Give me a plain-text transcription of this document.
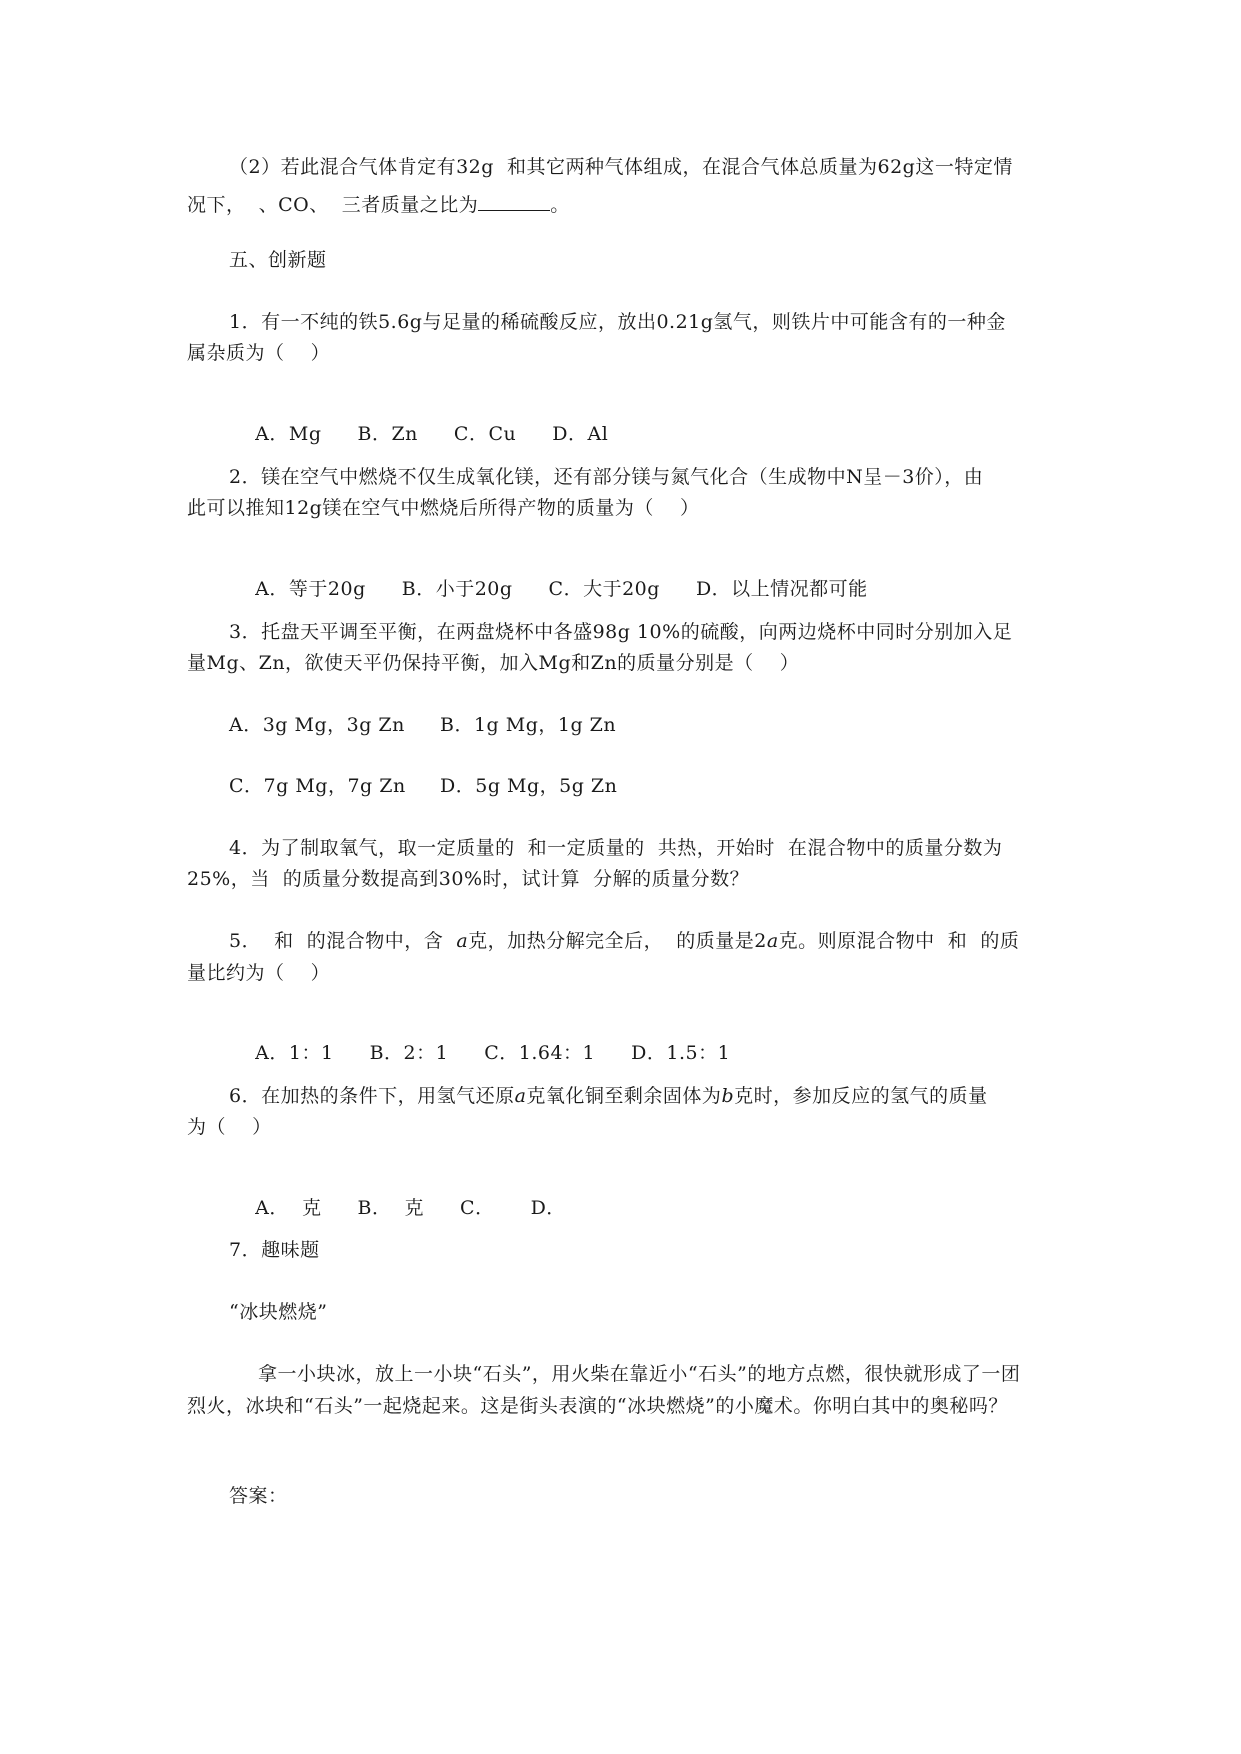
（2）若此混合气体肯定有32g  和其它两种气体组成，在混合气体总质量为62g这一特定情
况下，  、CO、  三者质量之比为	。
五、创新题
1．有一不纯的铁5.6g与足量的稀硫酸反应，放出0.21g氢气，则铁片中可能含有的一种金
属杂质为（    ）

A．Mg B．Zn C．Cu D．Al

2．镁在空气中燃烧不仅生成氧化镁，还有部分镁与氮气化合（生成物中N呈－3价），由
此可以推知12g镁在空气中燃烧后所得产物的质量为（    ）

A．等于20g B．小于20g C．大于20g D．以上情况都可能

3．托盘天平调至平衡，在两盘烧杯中各盛98g 10%的硫酸，向两边烧杯中同时分别加入足
量Mg、Zn，欲使天平仍保持平衡，加入Mg和Zn的质量分别是（    ）
A．3g Mg，3g Zn B．1g Mg，1g Zn
C．7g Mg，7g Zn D．5g Mg，5g Zn
4．为了制取氧气，取一定质量的  和一定质量的  共热，开始时  在混合物中的质量分数为
25%，当  的质量分数提高到30%时，试计算  分解的质量分数？
5．  和  的混合物中，含  a克，加热分解完全后，  的质量是2a克。则原混合物中  和  的质
量比约为（    ）

A．1：1 B．2：1 C．1.64：1 D．1.5：1

6．在加热的条件下，用氢气还原a克氧化铜至剩余固体为b克时，参加反应的氢气的质量
为（    ）

A．  克 B．  克 C． D．

7．趣味题
“冰块燃烧”
拿一小块冰，放上一小块“石头”，用火柴在靠近小“石头”的地方点燃，很快就形成了一团
烈火，冰块和“石头”一起烧起来。这是街头表演的“冰块燃烧”的小魔术。你明白其中的奥秘吗？
答案：
